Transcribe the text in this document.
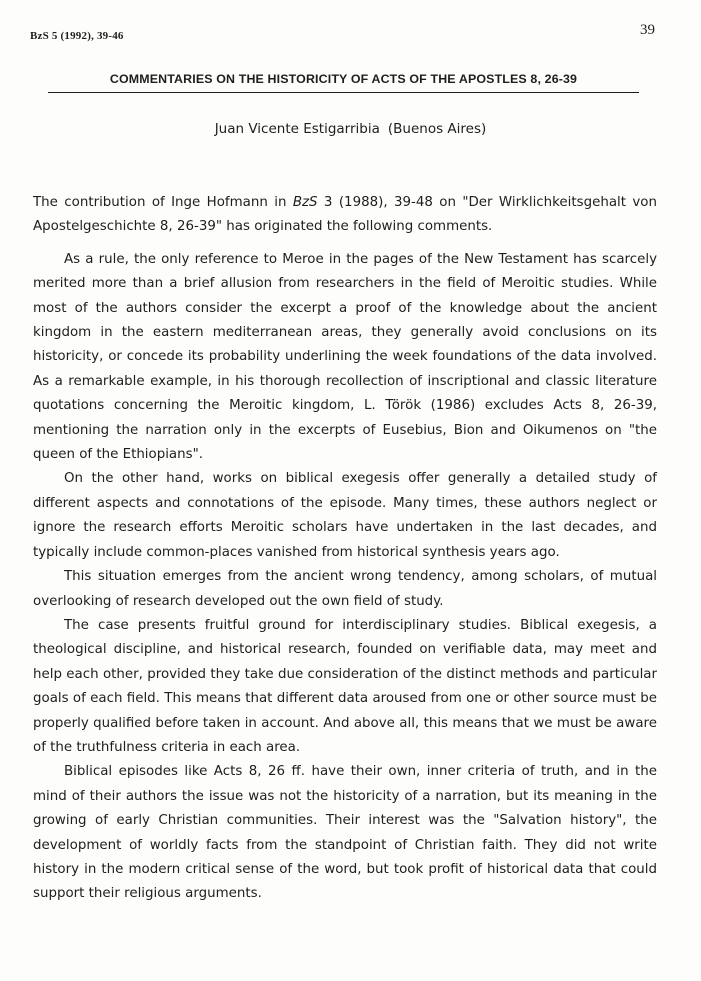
BzS 5 (1992), 39-46	39
COMMENTARIES ON THE HISTORICITY OF ACTS OF THE APOSTLES 8, 26-39
Juan Vicente Estigarribia (Buenos Aires)

The contribution of Inge Hofmann in BzS 3 (1988), 39-48 on "Der Wirklichkeitsgehalt von Apostelgeschichte 8, 26-39" has originated the following comments.

As a rule, the only reference to Meroe in the pages of the New Testament has scarcely merited more than a brief allusion from researchers in the field of Meroitic studies. While most of the authors consider the excerpt a proof of the knowledge about the ancient kingdom in the eastern mediterranean areas, they generally avoid conclusions on its historicity, or concede its probability underlining the week foundations of the data involved. As a remarkable example, in his thorough recollection of inscriptional and classic literature quotations concerning the Meroitic kingdom, L. Török (1986) excludes Acts 8, 26-39, mentioning the narration only in the excerpts of Eusebius, Bion and Oikumenos on "the queen of the Ethiopians".

On the other hand, works on biblical exegesis offer generally a detailed study of different aspects and connotations of the episode. Many times, these authors neglect or ignore the research efforts Meroitic scholars have undertaken in the last decades, and typically include common-places vanished from historical synthesis years ago.

This situation emerges from the ancient wrong tendency, among scholars, of mutual overlooking of research developed out the own field of study.

The case presents fruitful ground for interdisciplinary studies. Biblical exegesis, a theological discipline, and historical research, founded on verifiable data, may meet and help each other, provided they take due consideration of the distinct methods and particular goals of each field. This means that different data aroused from one or other source must be properly qualified before taken in account. And above all, this means that we must be aware of the truthfulness criteria in each area.

Biblical episodes like Acts 8, 26 ff. have their own, inner criteria of truth, and in the mind of their authors the issue was not the historicity of a narration, but its meaning in the growing of early Christian communities. Their interest was the "Salvation history", the development of worldly facts from the standpoint of Christian faith. They did not write history in the modern critical sense of the word, but took profit of historical data that could support their religious arguments.
